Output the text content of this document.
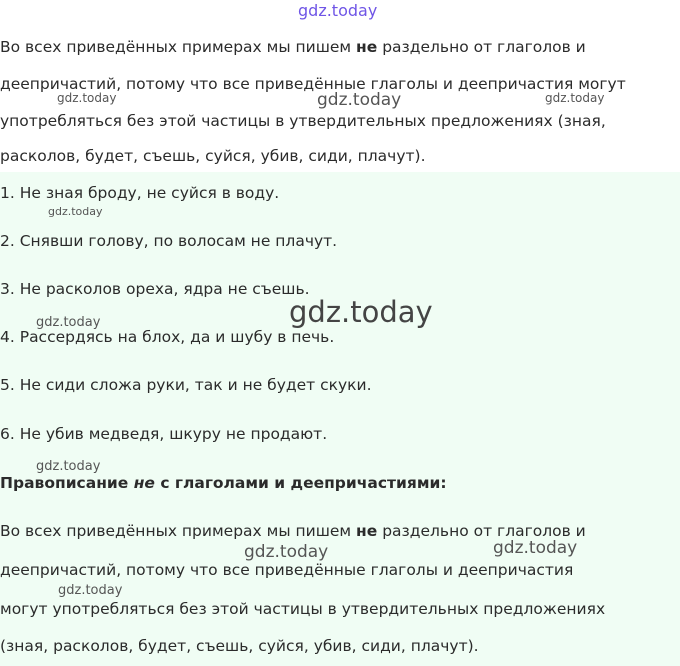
Во всех приведённых примерах мы пишем не раздельно от глаголов и
деепричастий, потому что все приведённые глаголы и деепричастия могут
употребляться без этой частицы в утвердительных предложениях (зная,
расколов, будет, съешь, суйся, убив, сиди, плачут).
1. Не зная броду, не суйся в воду.
2. Снявши голову, по волосам не плачут.
3. Не расколов ореха, ядра не съешь.
4. Рассердясь на блох, да и шубу в печь.
5. Не сиди сложа руки, так и не будет скуки.
6. Не убив медведя, шкуру не продают.
Правописание не с глаголами и деепричастиями:
Во всех приведённых примерах мы пишем не раздельно от глаголов и
деепричастий, потому что все приведённые глаголы и деепричастия
могут употребляться без этой частицы в утвердительных предложениях
(зная, расколов, будет, съешь, суйся, убив, сиди, плачут).
gdz.today
gdz.today	gdz.today	gdz.today
gdz.today
gdz.today
gdz.today
gdz.today
gdz.today	gdz.today
gdz.today
